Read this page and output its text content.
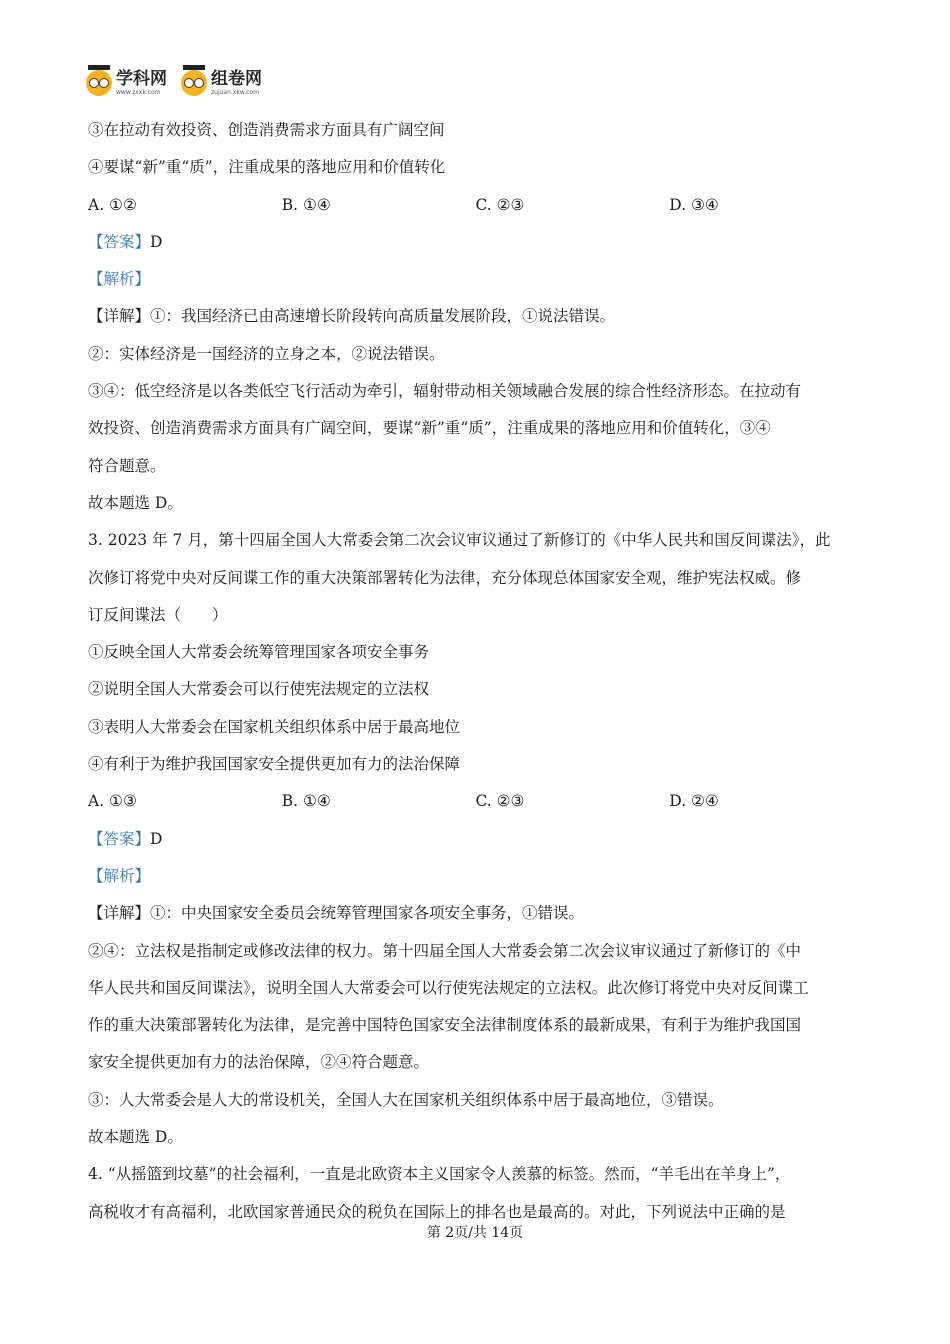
学科网
www.zxxk.com
组卷网
zujuan.xkw.com

③在拉动有效投资、创造消费需求方面具有广阔空间

④要谋“新”重“质”，注重成果的落地应用和价值转化

A. ①②	B. ①④	C. ②③	D. ③④

【答案】D

【解析】

【详解】①：我国经济已由高速增长阶段转向高质量发展阶段，①说法错误。

②：实体经济是一国经济的立身之本，②说法错误。

③④：低空经济是以各类低空飞行活动为牵引，辐射带动相关领域融合发展的综合性经济形态。在拉动有

效投资、创造消费需求方面具有广阔空间，要谋“新”重“质”，注重成果的落地应用和价值转化，③④

符合题意。

故本题选 D。

3. 2023 年 7 月，第十四届全国人大常委会第二次会议审议通过了新修订的《中华人民共和国反间谍法》，此

次修订将党中央对反间谍工作的重大决策部署转化为法律，充分体现总体国家安全观，维护宪法权威。修

订反间谍法（　　）

①反映全国人大常委会统筹管理国家各项安全事务

②说明全国人大常委会可以行使宪法规定的立法权

③表明人大常委会在国家机关组织体系中居于最高地位

④有利于为维护我国国家安全提供更加有力的法治保障

A. ①③	B. ①④	C. ②③	D. ②④

【答案】D

【解析】

【详解】①：中央国家安全委员会统筹管理国家各项安全事务，①错误。

②④：立法权是指制定或修改法律的权力。第十四届全国人大常委会第二次会议审议通过了新修订的《中

华人民共和国反间谍法》，说明全国人大常委会可以行使宪法规定的立法权。此次修订将党中央对反间谍工

作的重大决策部署转化为法律，是完善中国特色国家安全法律制度体系的最新成果，有利于为维护我国国

家安全提供更加有力的法治保障，②④符合题意。

③：人大常委会是人大的常设机关，全国人大在国家机关组织体系中居于最高地位，③错误。

故本题选 D。

4. “从摇篮到坟墓”的社会福利，一直是北欧资本主义国家令人羡慕的标签。然而，“羊毛出在羊身上”，

高税收才有高福利，北欧国家普通民众的税负在国际上的排名也是最高的。对此，下列说法中正确的是

第 2页/共 14页
